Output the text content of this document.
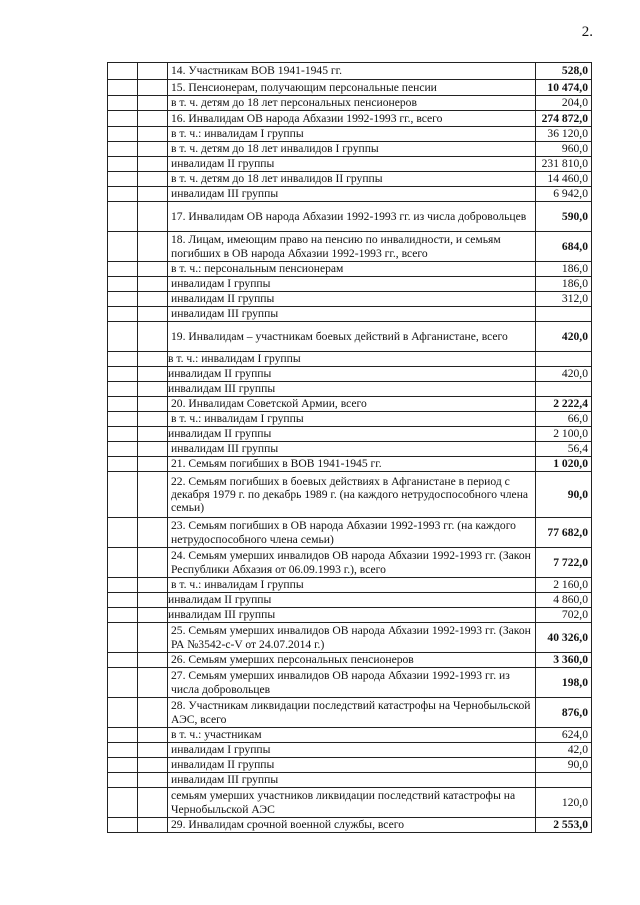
2.
		14. Участникам ВОВ 1941-1945 гг.	528,0
		15. Пенсионерам, получающим персональные пенсии	10 474,0
		в т. ч. детям до 18 лет персональных пенсионеров	204,0
		16. Инвалидам ОВ народа Абхазии 1992-1993 гг., всего	274 872,0
		в т. ч.: инвалидам I группы	36 120,0
		в т. ч. детям до 18 лет инвалидов I группы	960,0
		инвалидам II группы	231 810,0
		в т. ч. детям до 18 лет инвалидов II группы	14 460,0
		инвалидам III группы	6 942,0
		17. Инвалидам ОВ народа Абхазии 1992-1993 гг. из числа добровольцев	590,0
		18. Лицам, имеющим право на пенсию по инвалидности, и семьям погибших в ОВ народа Абхазии 1992-1993 гг., всего	684,0
		в т. ч.: персональным пенсионерам	186,0
		инвалидам I группы	186,0
		инвалидам II группы	312,0
		инвалидам III группы	
		19. Инвалидам – участникам боевых действий в Афганистане, всего	420,0
		в т. ч.: инвалидам I группы	
		инвалидам II группы	420,0
		инвалидам III группы	
		20. Инвалидам Советской Армии, всего	2 222,4
		в т. ч.: инвалидам I группы	66,0
		инвалидам II группы	2 100,0
		инвалидам III группы	56,4
		21. Семьям погибших в ВОВ 1941-1945 гг.	1 020,0
		22. Семьям погибших в боевых действиях в Афганистане в период с декабря 1979 г. по декабрь 1989 г. (на каждого нетрудоспособного члена семьи)	90,0
		23. Семьям погибших в ОВ народа Абхазии 1992-1993 гг. (на каждого нетрудоспособного члена семьи)	77 682,0
		24. Семьям умерших инвалидов ОВ народа Абхазии 1992-1993 гг. (Закон Республики Абхазия от 06.09.1993 г.), всего	7 722,0
		в т. ч.: инвалидам I группы	2 160,0
		инвалидам II группы	4 860,0
		инвалидам III группы	702,0
		25. Семьям умерших инвалидов ОВ народа Абхазии 1992-1993 гг. (Закон РА №3542-с-V от 24.07.2014 г.)	40 326,0
		26. Семьям умерших персональных пенсионеров	3 360,0
		27. Семьям умерших инвалидов ОВ народа Абхазии 1992-1993 гг. из числа добровольцев	198,0
		28. Участникам ликвидации последствий катастрофы на Чернобыльской АЭС, всего	876,0
		в т. ч.: участникам	624,0
		инвалидам I группы	42,0
		инвалидам II группы	90,0
		инвалидам III группы	
		семьям умерших участников ликвидации последствий катастрофы на Чернобыльской АЭС	120,0
		29. Инвалидам срочной военной службы, всего	2 553,0
